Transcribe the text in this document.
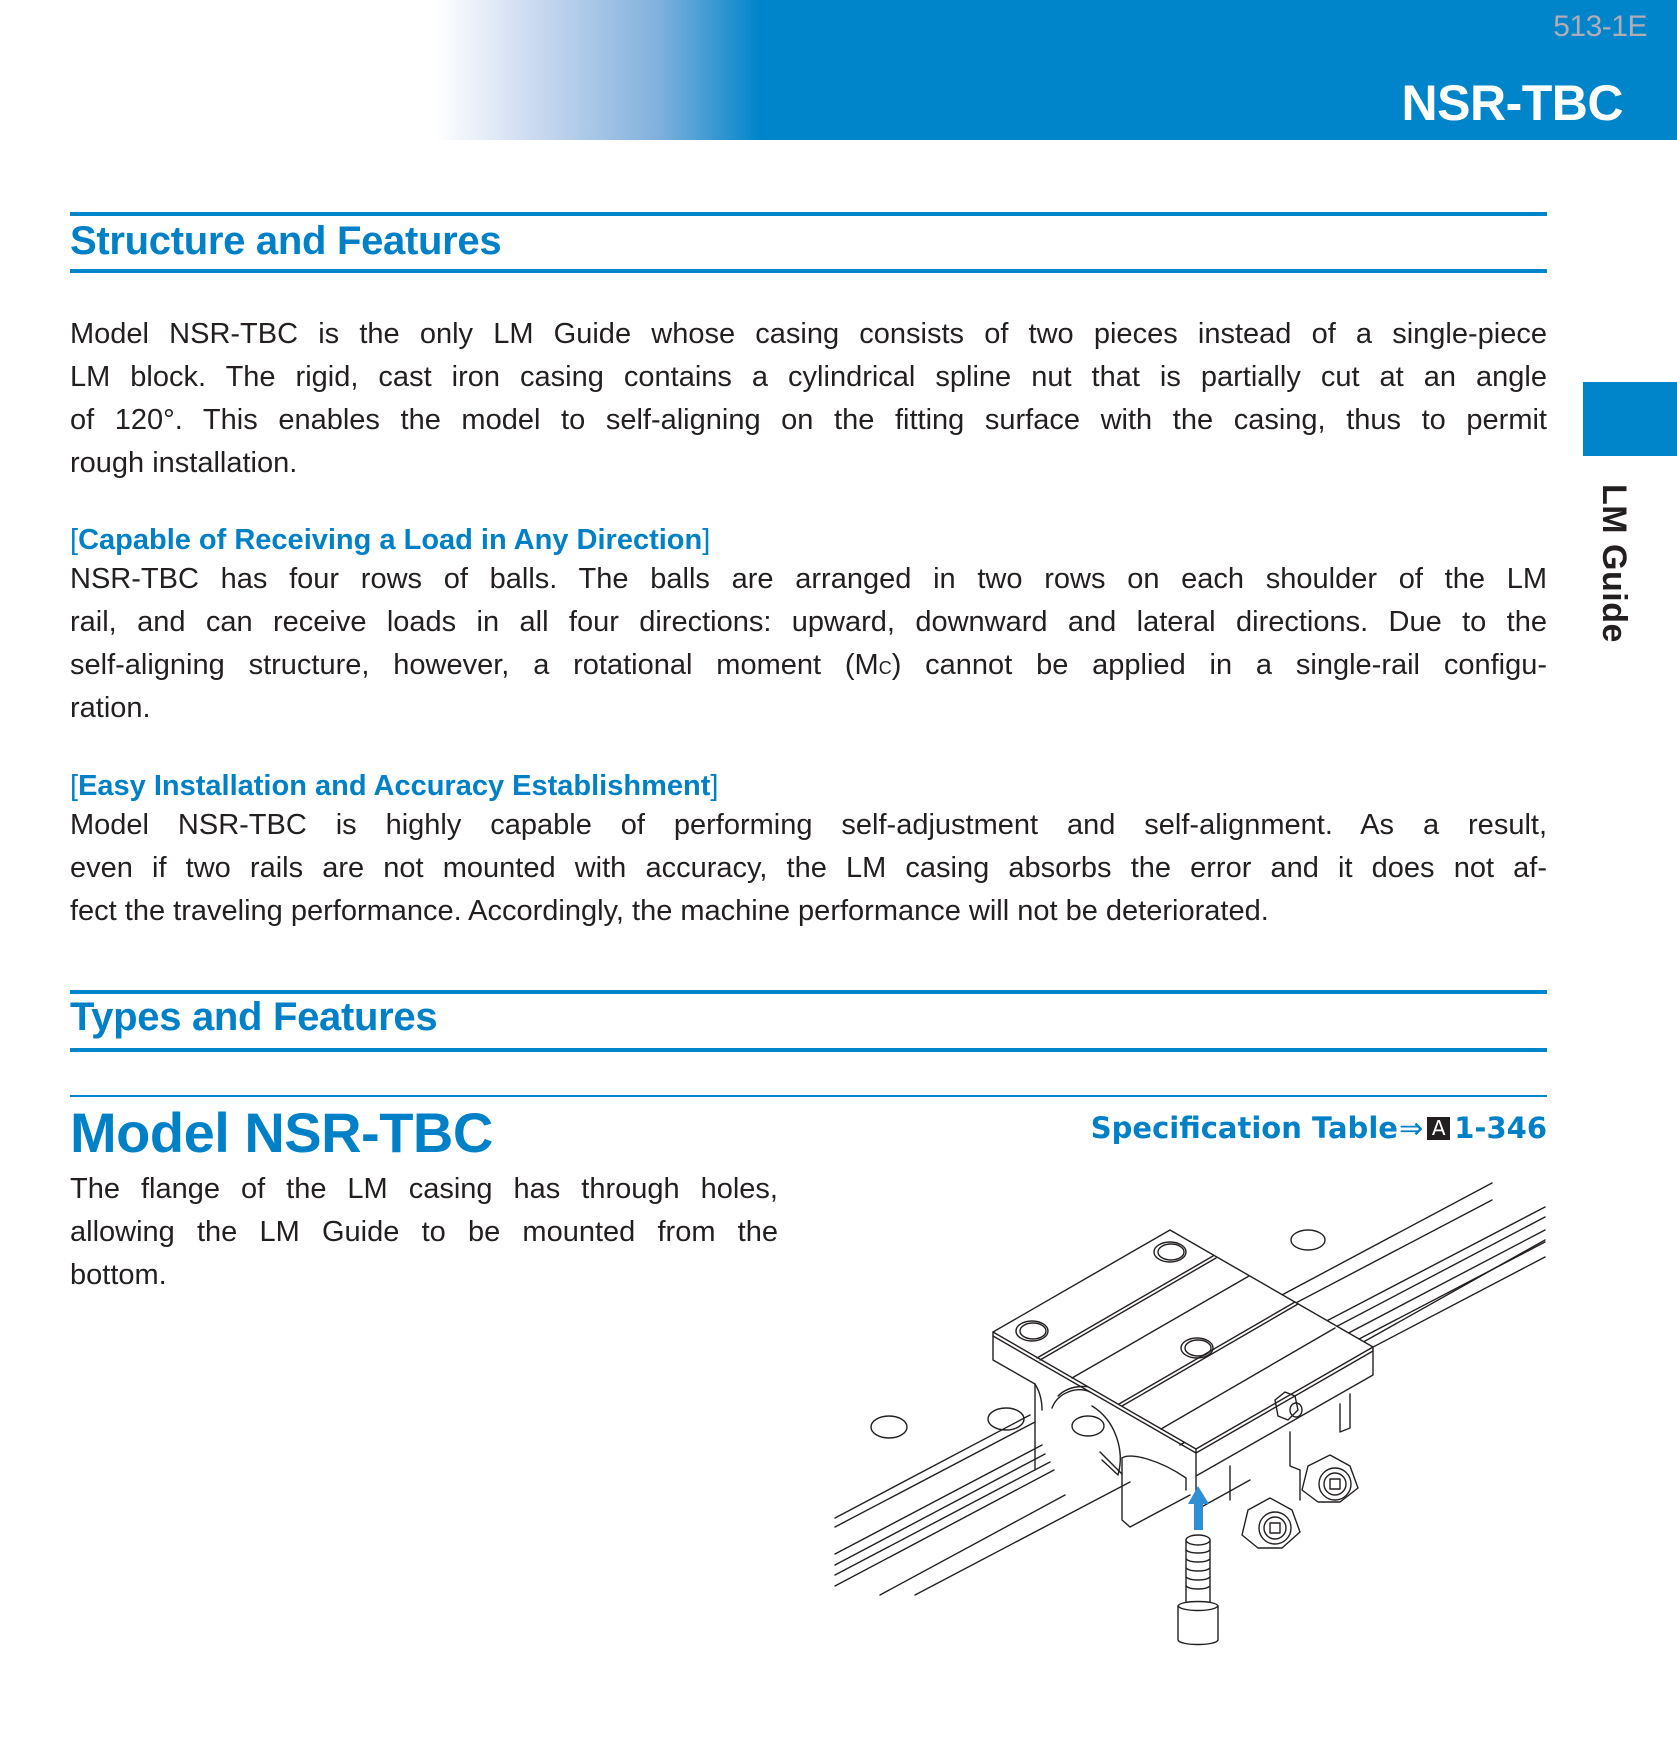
513-1E
NSR-TBC
LM Guide
Structure and Features
Model NSR-TBC is the only LM Guide whose casing consists of two pieces instead of a single-piece
LM block. The rigid, cast iron casing contains a cylindrical spline nut that is partially cut at an angle
of 120°. This enables the model to self-aligning on the fitting surface with the casing, thus to permit
rough installation.
[Capable of Receiving a Load in Any Direction]
NSR-TBC has four rows of balls. The balls are arranged in two rows on each shoulder of the LM
rail, and can receive loads in all four directions: upward, downward and lateral directions. Due to the
self-aligning structure, however, a rotational moment (MC) cannot be applied in a single-rail configu-
ration.
[Easy Installation and Accuracy Establishment]
Model NSR-TBC is highly capable of performing self-adjustment and self-alignment. As a result,
even if two rails are not mounted with accuracy, the LM casing absorbs the error and it does not af-
fect the traveling performance. Accordingly, the machine performance will not be deteriorated.
Types and Features
Model NSR-TBC	Specification Table ⇒ A 1-346
The flange of the LM casing has through holes,
allowing the LM Guide to be mounted from the
bottom.
